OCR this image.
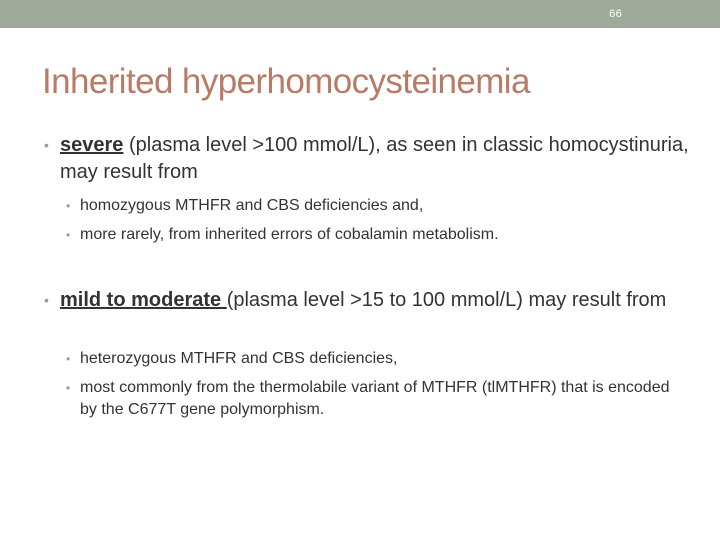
66
Inherited hyperhomocysteinemia
• severe (plasma level >100 mmol/L), as seen in classic homocystinuria, may result from
• homozygous MTHFR and CBS deficiencies and,
• more rarely, from inherited errors of cobalamin metabolism.
• mild to moderate (plasma level >15 to 100 mmol/L) may result from
• heterozygous MTHFR and CBS deficiencies,
• most commonly from the thermolabile variant of MTHFR (tlMTHFR) that is encoded by the C677T gene polymorphism.
